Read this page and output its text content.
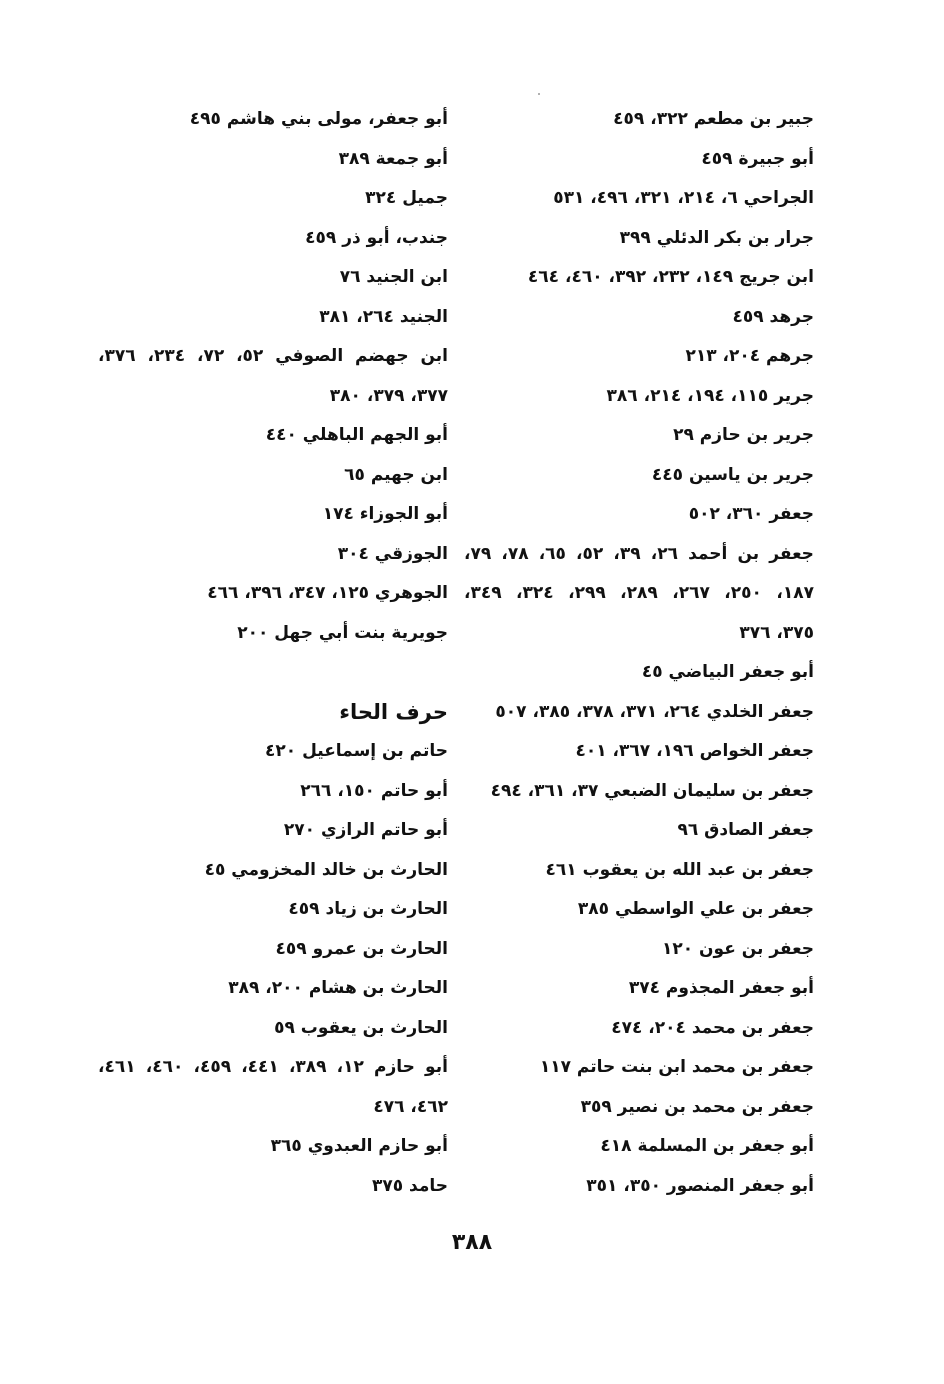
جبير بن مطعم ٣٢٢، ٤٥٩
أبو جبيرة ٤٥٩
الجراحي ٦، ٢١٤، ٣٢١، ٤٩٦، ٥٣١
جرار بن بكر الدئلي ٣٩٩
ابن جريج ١٤٩، ٢٣٢، ٣٩٢، ٤٦٠، ٤٦٤
جرهد ٤٥٩
جرهم ٢٠٤، ٢١٣
جرير ١١٥، ١٩٤، ٢١٤، ٣٨٦
جرير بن حازم ٢٩
جرير بن ياسين ٤٤٥
جعفر ٣٦٠، ٥٠٢
جعفر بن أحمد ٢٦، ٣٩، ٥٢، ٦٥، ٧٨، ٧٩،
١٨٧، ٢٥٠، ٢٦٧، ٢٨٩، ٢٩٩، ٣٢٤، ٣٤٩،
٣٧٥، ٣٧٦
أبو جعفر البياضي ٤٥
جعفر الخلدي ٢٦٤، ٣٧١، ٣٧٨، ٣٨٥، ٥٠٧
جعفر الخواص ١٩٦، ٣٦٧، ٤٠١
جعفر بن سليمان الضبعي ٣٧، ٣٦١، ٤٩٤
جعفر الصادق ٩٦
جعفر بن عبد الله بن يعقوب ٤٦١
جعفر بن علي الواسطي ٣٨٥
جعفر بن عون ١٢٠
أبو جعفر المجذوم ٣٧٤
جعفر بن محمد ٢٠٤، ٤٧٤
جعفر بن محمد ابن بنت حاتم ١١٧
جعفر بن محمد بن نصير ٣٥٩
أبو جعفر بن المسلمة ٤١٨
أبو جعفر المنصور ٣٥٠، ٣٥١
أبو جعفر، مولى بني هاشم ٤٩٥
أبو جمعة ٣٨٩
جميل ٣٢٤
جندب، أبو ذر ٤٥٩
ابن الجنيد ٧٦
الجنيد ٢٦٤، ٣٨١
ابن جهضم الصوفي ٥٢، ٧٢، ٢٣٤، ٣٧٦،
٣٧٧، ٣٧٩، ٣٨٠
أبو الجهم الباهلي ٤٤٠
ابن جهيم ٦٥
أبو الجوزاء ١٧٤
الجوزقي ٣٠٤
الجوهري ١٢٥، ٣٤٧، ٣٩٦، ٤٦٦
جويرية بنت أبي جهل ٢٠٠
حرف الحاء
حاتم بن إسماعيل ٤٢٠
أبو حاتم ١٥٠، ٢٦٦
أبو حاتم الرازي ٢٧٠
الحارث بن خالد المخزومي ٤٥
الحارث بن زياد ٤٥٩
الحارث بن عمرو ٤٥٩
الحارث بن هشام ٢٠٠، ٣٨٩
الحارث بن يعقوب ٥٩
أبو حازم ١٢، ٣٨٩، ٤٤١، ٤٥٩، ٤٦٠، ٤٦١،
٤٦٢، ٤٧٦
أبو حازم العبدوي ٣٦٥
حامد ٣٧٥
٣٨٨
